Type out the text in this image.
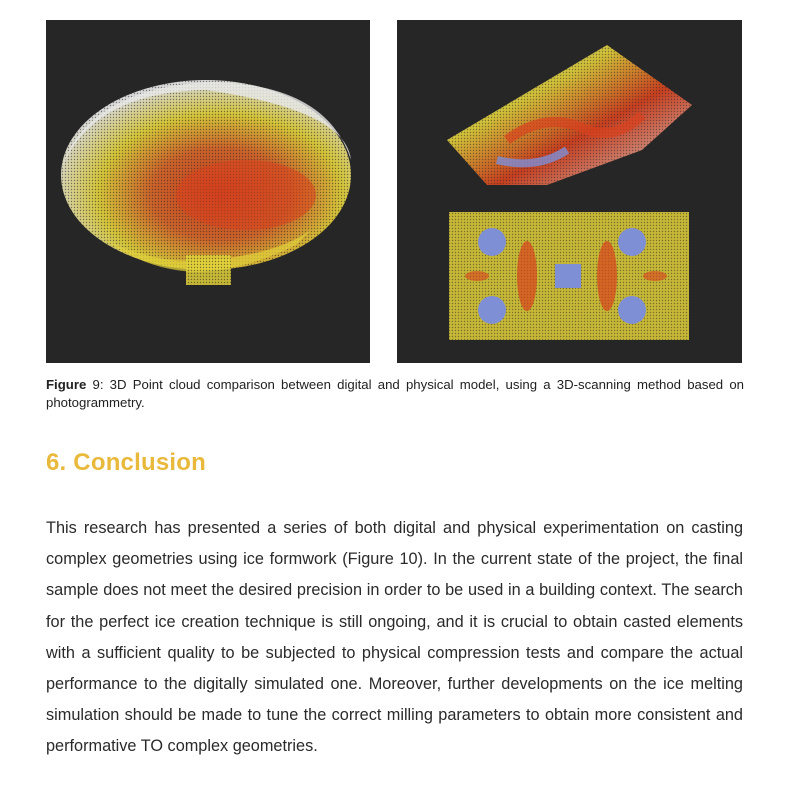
Figure 9: 3D Point cloud comparison between digital and physical model, using a 3D-scanning method based on photogrammetry.
6. Conclusion
This research has presented a series of both digital and physical experimentation on casting complex geometries using ice formwork (Figure 10). In the current state of the project, the final sample does not meet the desired precision in order to be used in a building context. The search for the perfect ice creation technique is still ongoing, and it is crucial to obtain casted elements with a sufficient quality to be subjected to physical compression tests and compare the actual performance to the digitally simulated one. Moreover, further developments on the ice melting simulation should be made to tune the correct milling parameters to obtain more consistent and performative TO complex geometries.
